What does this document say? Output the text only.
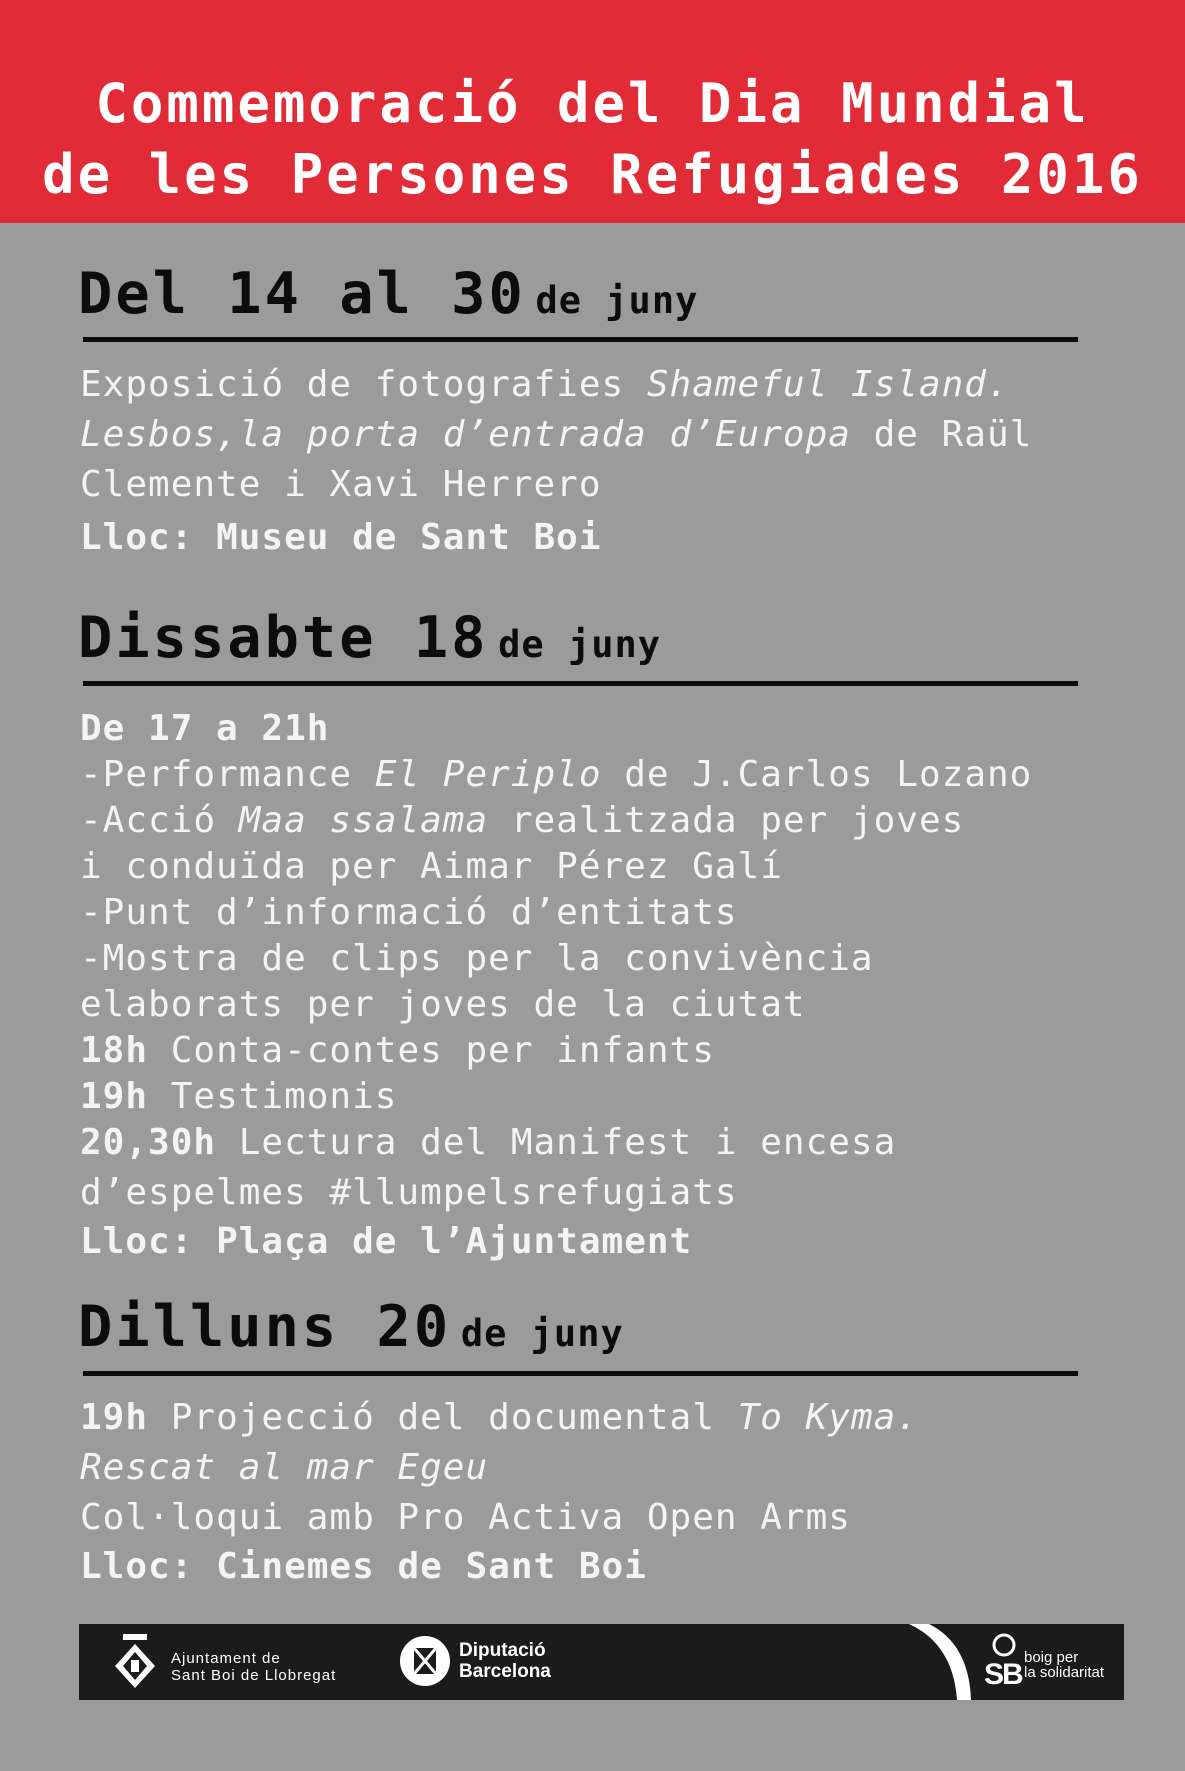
Commemoració del Dia Mundial
de les Persones Refugiades 2016
Del 14 al 30 de juny
Exposició de fotografies Shameful Island.
Lesbos,la porta d’entrada d’Europa de Raül
Clemente i Xavi Herrero
Lloc: Museu de Sant Boi
Dissabte 18 de juny
De 17 a 21h
-Performance El Periplo de J.Carlos Lozano
-Acció Maa ssalama realitzada per joves
i conduïda per Aimar Pérez Galí
-Punt d’informació d’entitats
-Mostra de clips per la convivència
elaborats per joves de la ciutat
18h Conta-contes per infants
19h Testimonis
20,30h Lectura del Manifest i encesa
d’espelmes #llumpelsrefugiats
Lloc: Plaça de l’Ajuntament
Dilluns 20 de juny
19h Projecció del documental To Kyma.
Rescat al mar Egeu
Col·loqui amb Pro Activa Open Arms
Lloc: Cinemes de Sant Boi
Ajuntament de
Sant Boi de Llobregat
Diputació
Barcelona	SB
boig per
la solidaritat
